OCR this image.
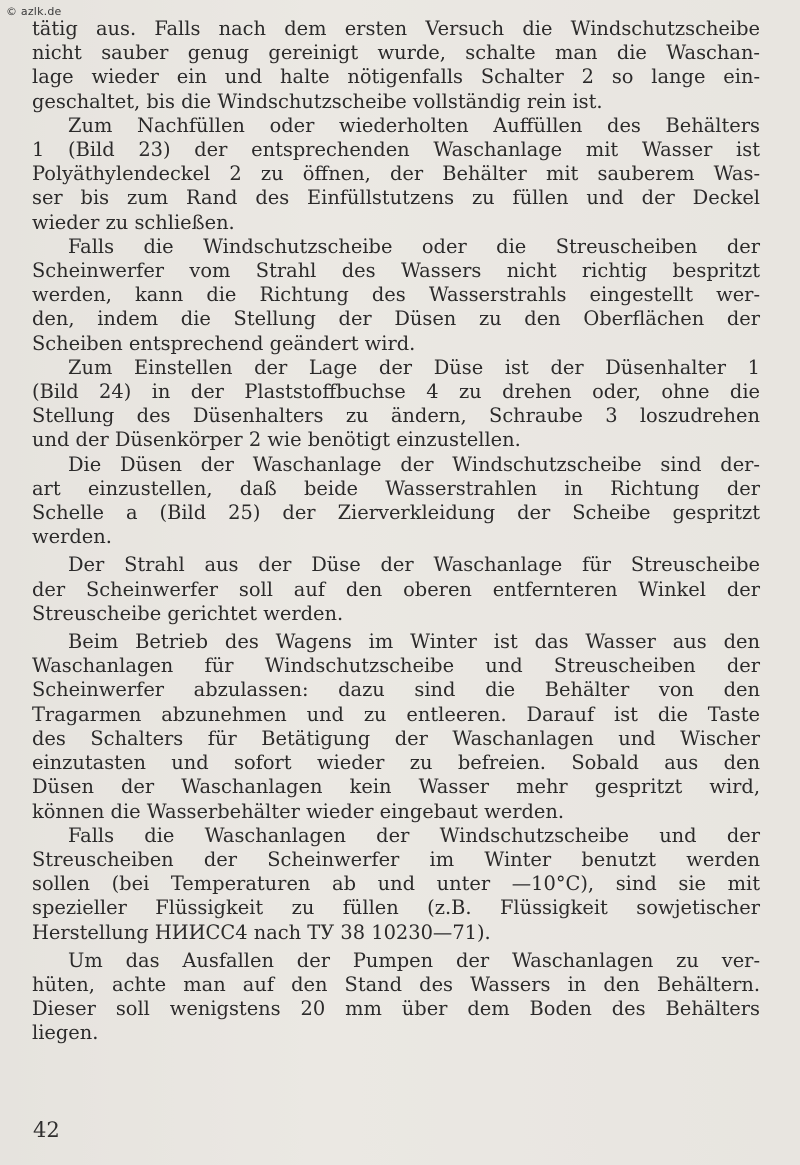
© azlk.de

tätig aus. Falls nach dem ersten Versuch die Windschutzscheibe
nicht sauber genug gereinigt wurde, schalte man die Waschan-
lage wieder ein und halte nötigenfalls Schalter 2 so lange ein-
geschaltet, bis die Windschutzscheibe vollständig rein ist.

Zum Nachfüllen oder wiederholten Auffüllen des Behälters
1 (Bild 23) der entsprechenden Waschanlage mit Wasser ist
Polyäthylendeckel 2 zu öffnen, der Behälter mit sauberem Was-
ser bis zum Rand des Einfüllstutzens zu füllen und der Deckel
wieder zu schließen.

Falls die Windschutzscheibe oder die Streuscheiben der
Scheinwerfer vom Strahl des Wassers nicht richtig bespritzt
werden, kann die Richtung des Wasserstrahls eingestellt wer-
den, indem die Stellung der Düsen zu den Oberflächen der
Scheiben entsprechend geändert wird.

Zum Einstellen der Lage der Düse ist der Düsenhalter 1
(Bild 24) in der Plaststoffbuchse 4 zu drehen oder, ohne die
Stellung des Düsenhalters zu ändern, Schraube 3 loszudrehen
und der Düsenkörper 2 wie benötigt einzustellen.

Die Düsen der Waschanlage der Windschutzscheibe sind der-
art einzustellen, daß beide Wasserstrahlen in Richtung der
Schelle a (Bild 25) der Zierverkleidung der Scheibe gespritzt
werden.

Der Strahl aus der Düse der Waschanlage für Streuscheibe
der Scheinwerfer soll auf den oberen entfernteren Winkel der
Streuscheibe gerichtet werden.

Beim Betrieb des Wagens im Winter ist das Wasser aus den
Waschanlagen für Windschutzscheibe und Streuscheiben der
Scheinwerfer abzulassen: dazu sind die Behälter von den
Tragarmen abzunehmen und zu entleeren. Darauf ist die Taste
des Schalters für Betätigung der Waschanlagen und Wischer
einzutasten und sofort wieder zu befreien. Sobald aus den
Düsen der Waschanlagen kein Wasser mehr gespritzt wird,
können die Wasserbehälter wieder eingebaut werden.

Falls die Waschanlagen der Windschutzscheibe und der
Streuscheiben der Scheinwerfer im Winter benutzt werden
sollen (bei Temperaturen ab und unter —10°C), sind sie mit
spezieller Flüssigkeit zu füllen (z.B. Flüssigkeit sowjetischer
Herstellung НИИСС4 nach ТУ 38 10230—71).

Um das Ausfallen der Pumpen der Waschanlagen zu ver-
hüten, achte man auf den Stand des Wassers in den Behältern.
Dieser soll wenigstens 20 mm über dem Boden des Behälters
liegen.

42
